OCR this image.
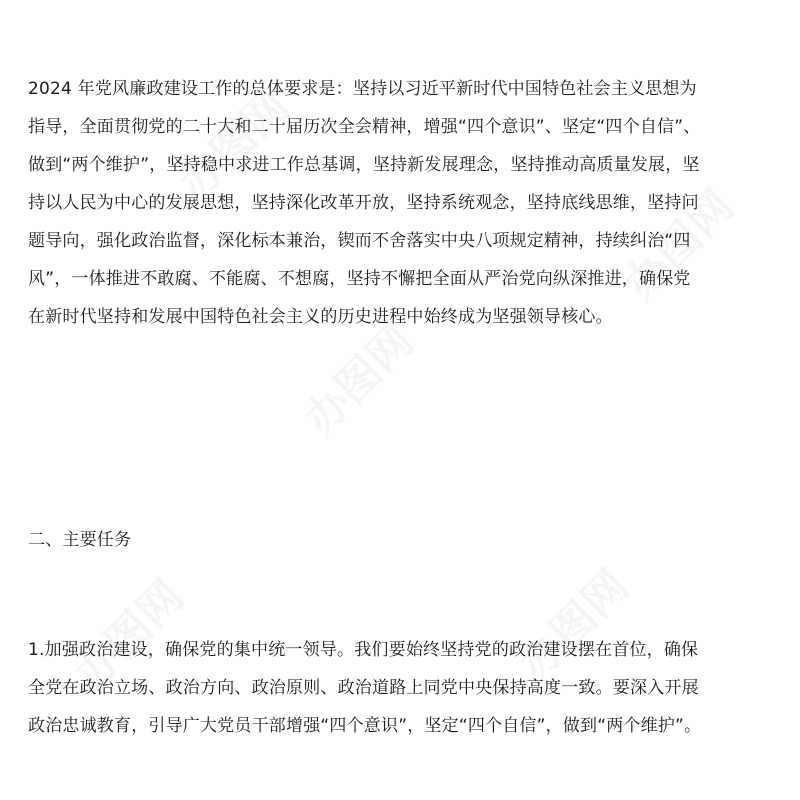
办图网
办图网
办图网
办图网	办图网
2024 年党风廉政建设工作的总体要求是：坚持以习近平新时代中国特色社会主义思想为
指导，全面贯彻党的二十大和二十届历次全会精神，增强“四个意识”、坚定“四个自信”、
做到“两个维护”，坚持稳中求进工作总基调，坚持新发展理念，坚持推动高质量发展，坚
持以人民为中心的发展思想，坚持深化改革开放，坚持系统观念，坚持底线思维，坚持问
题导向，强化政治监督，深化标本兼治，锲而不舍落实中央八项规定精神，持续纠治“四
风”，一体推进不敢腐、不能腐、不想腐，坚持不懈把全面从严治党向纵深推进，确保党
在新时代坚持和发展中国特色社会主义的历史进程中始终成为坚强领导核心。
二、主要任务
1.加强政治建设，确保党的集中统一领导。我们要始终坚持党的政治建设摆在首位，确保
全党在政治立场、政治方向、政治原则、政治道路上同党中央保持高度一致。要深入开展
政治忠诚教育，引导广大党员干部增强“四个意识”，坚定“四个自信”，做到“两个维护”。
